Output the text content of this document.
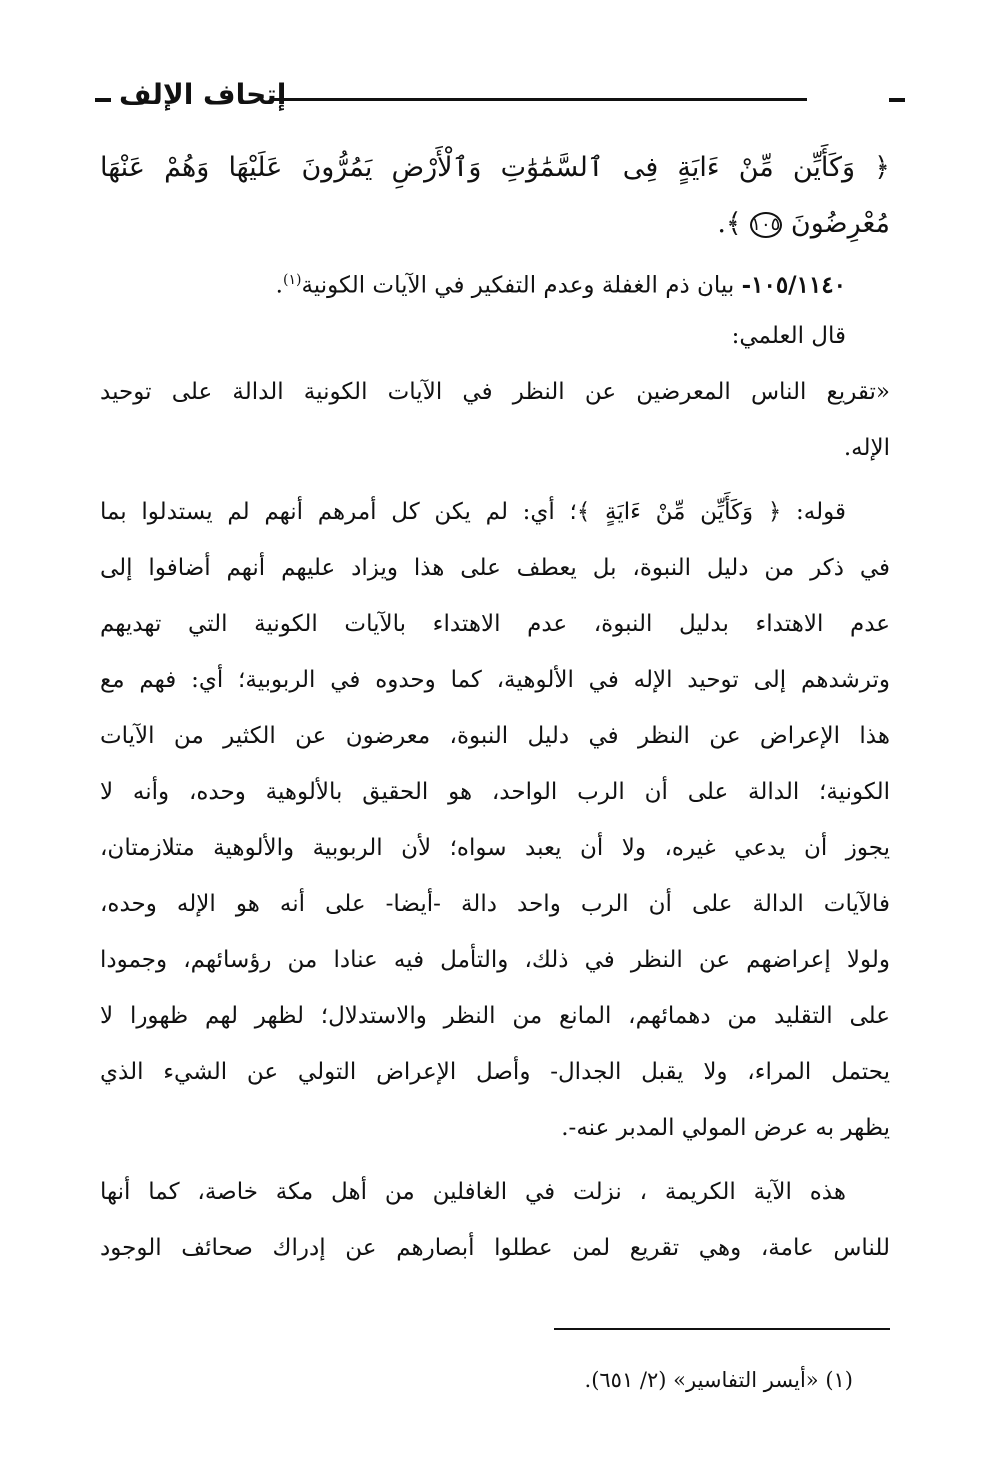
إتحاف الإلف
﴿ وَكَأَيِّن مِّنْ ءَايَةٍ فِى ٱلسَّمَٰوَٰتِ وَٱلْأَرْضِ يَمُرُّونَ عَلَيْهَا وَهُمْ عَنْهَا
مُعْرِضُونَ ١٠٥ ﴾.
١٠٥/١١٤٠- بيان ذم الغفلة وعدم التفكير في الآيات الكونية$^{(١)}$.
قال العلمي:
«تقريع الناس المعرضين عن النظر في الآيات الكونية الدالة على توحيد
الإله.
قوله: ﴿ وَكَأَيِّن مِّنْ ءَايَةٍ ﴾؛ أي: لم يكن كل أمرهم أنهم لم يستدلوا بما
في ذكر من دليل النبوة، بل يعطف على هذا ويزاد عليهم أنهم أضافوا إلى
عدم الاهتداء بدليل النبوة، عدم الاهتداء بالآيات الكونية التي تهديهم
وترشدهم إلى توحيد الإله في الألوهية، كما وحدوه في الربوبية؛ أي: فهم مع
هذا الإعراض عن النظر في دليل النبوة، معرضون عن الكثير من الآيات
الكونية؛ الدالة على أن الرب الواحد، هو الحقيق بالألوهية وحده، وأنه لا
يجوز أن يدعي غيره، ولا أن يعبد سواه؛ لأن الربوبية والألوهية متلازمتان،
فالآيات الدالة على أن الرب واحد دالة -أيضا- على أنه هو الإله وحده،
ولولا إعراضهم عن النظر في ذلك، والتأمل فيه عنادا من رؤسائهم، وجمودا
على التقليد من دهمائهم، المانع من النظر والاستدلال؛ لظهر لهم ظهورا لا
يحتمل المراء، ولا يقبل الجدال- وأصل الإعراض التولي عن الشيء الذي
يظهر به عرض المولي المدبر عنه-.
هذه الآية الكريمة ، نزلت في الغافلين من أهل مكة خاصة، كما أنها
للناس عامة، وهي تقريع لمن عطلوا أبصارهم عن إدراك صحائف الوجود
(١) «أيسر التفاسير» (٢/ ٦٥١).
